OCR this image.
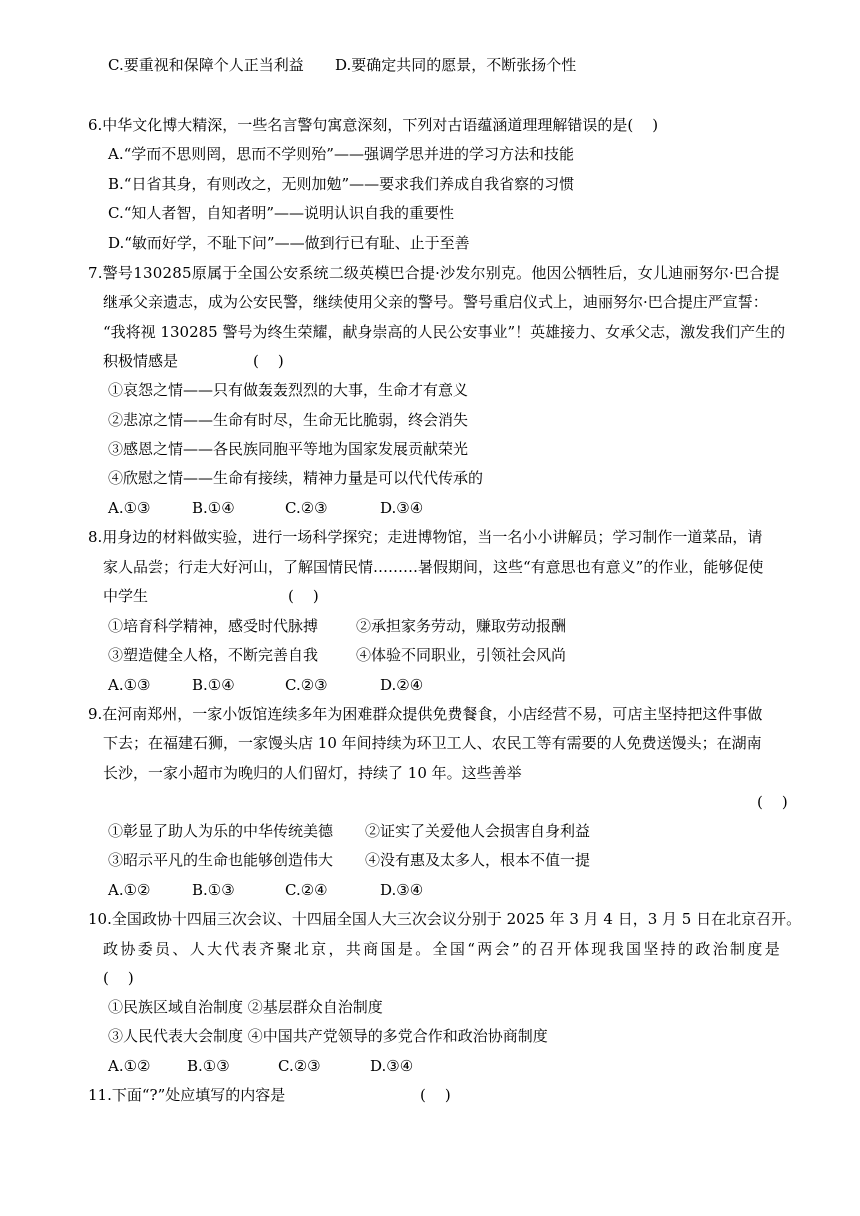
C.要重视和保障个人正当利益 D.要确定共同的愿景，不断张扬个性
6.中华文化博大精深，一些名言警句寓意深刻，下列对古语蕴涵道理理解错误的是(    )
A.“学而不思则罔，思而不学则殆”——强调学思并进的学习方法和技能
B.“日省其身，有则改之，无则加勉”——要求我们养成自我省察的习惯
C.“知人者智，自知者明”——说明认识自我的重要性
D.“敏而好学，不耻下问”——做到行已有耻、止于至善
7 . 警 号 1 3 0 2 8 5 原 属 于 全 国 公 安 系 统 二 级 英 模 巴 合 提 · 沙 发 尔 别 克 。 他 因 公 牺 牲 后 ， 女 儿 迪 丽 努 尔 · 巴 合 提
继承父亲遗志，成为公安民警，继续使用父亲的警号。警号重启仪式上，迪丽努尔·巴合提庄严宣誓：
“我将视 130285 警号为终生荣耀，献身崇高的人民公安事业”！英雄接力、女承父志，激发我们产生的
积极情感是	(    )
①哀怨之情——只有做轰轰烈烈的大事，生命才有意义
②悲凉之情——生命有时尽，生命无比脆弱，终会消失
③感恩之情——各民族同胞平等地为国家发展贡献荣光
④欣慰之情——生命有接续，精神力量是可以代代传承的
A.①③	B.①④	C.②③	D.③④
8.用身边的材料做实验，进行一场科学探究；走进博物馆，当一名小小讲解员；学习制作一道菜品，请
家人品尝；行走大好河山，了解国情民情………暑假期间，这些“有意思也有意义”的作业，能够促使
中学生	(    )
①培育科学精神，感受时代脉搏	②承担家务劳动，赚取劳动报酬
③塑造健全人格，不断完善自我	④体验不同职业，引领社会风尚
A.①③	B.①④	C.②③	D.②④
9.在河南郑州，一家小饭馆连续多年为困难群众提供免费餐食，小店经营不易，可店主坚持把这件事做
下去；在福建石狮，一家馒头店 10 年间持续为环卫工人、农民工等有需要的人免费送馒头；在湖南
长沙，一家小超市为晚归的人们留灯，持续了 10 年。这些善举
(    )
①彰显了助人为乐的中华传统美德 ②证实了关爱他人会损害自身利益
③昭示平凡的生命也能够创造伟大 ④没有惠及太多人，根本不值一提
A.①②	B.①③	C.②④	D.③④
10.全国政协十四届三次会议、十四届全国人大三次会议分别于 2025 年 3 月 4 日，3 月 5 日在北京召开。
政 协 委 员 、 人 大 代 表 齐 聚 北 京 ， 共 商 国 是 。 全 国 “ 两 会 ” 的 召 开 体 现 我 国 坚 持 的 政 治 制 度 是
(    )
①民族区域自治制度 ②基层群众自治制度
③人民代表大会制度 ④中国共产党领导的多党合作和政治协商制度
A.①② B.①③	C.②③	D.③④
11.下面“?”处应填写的内容是	(    )
